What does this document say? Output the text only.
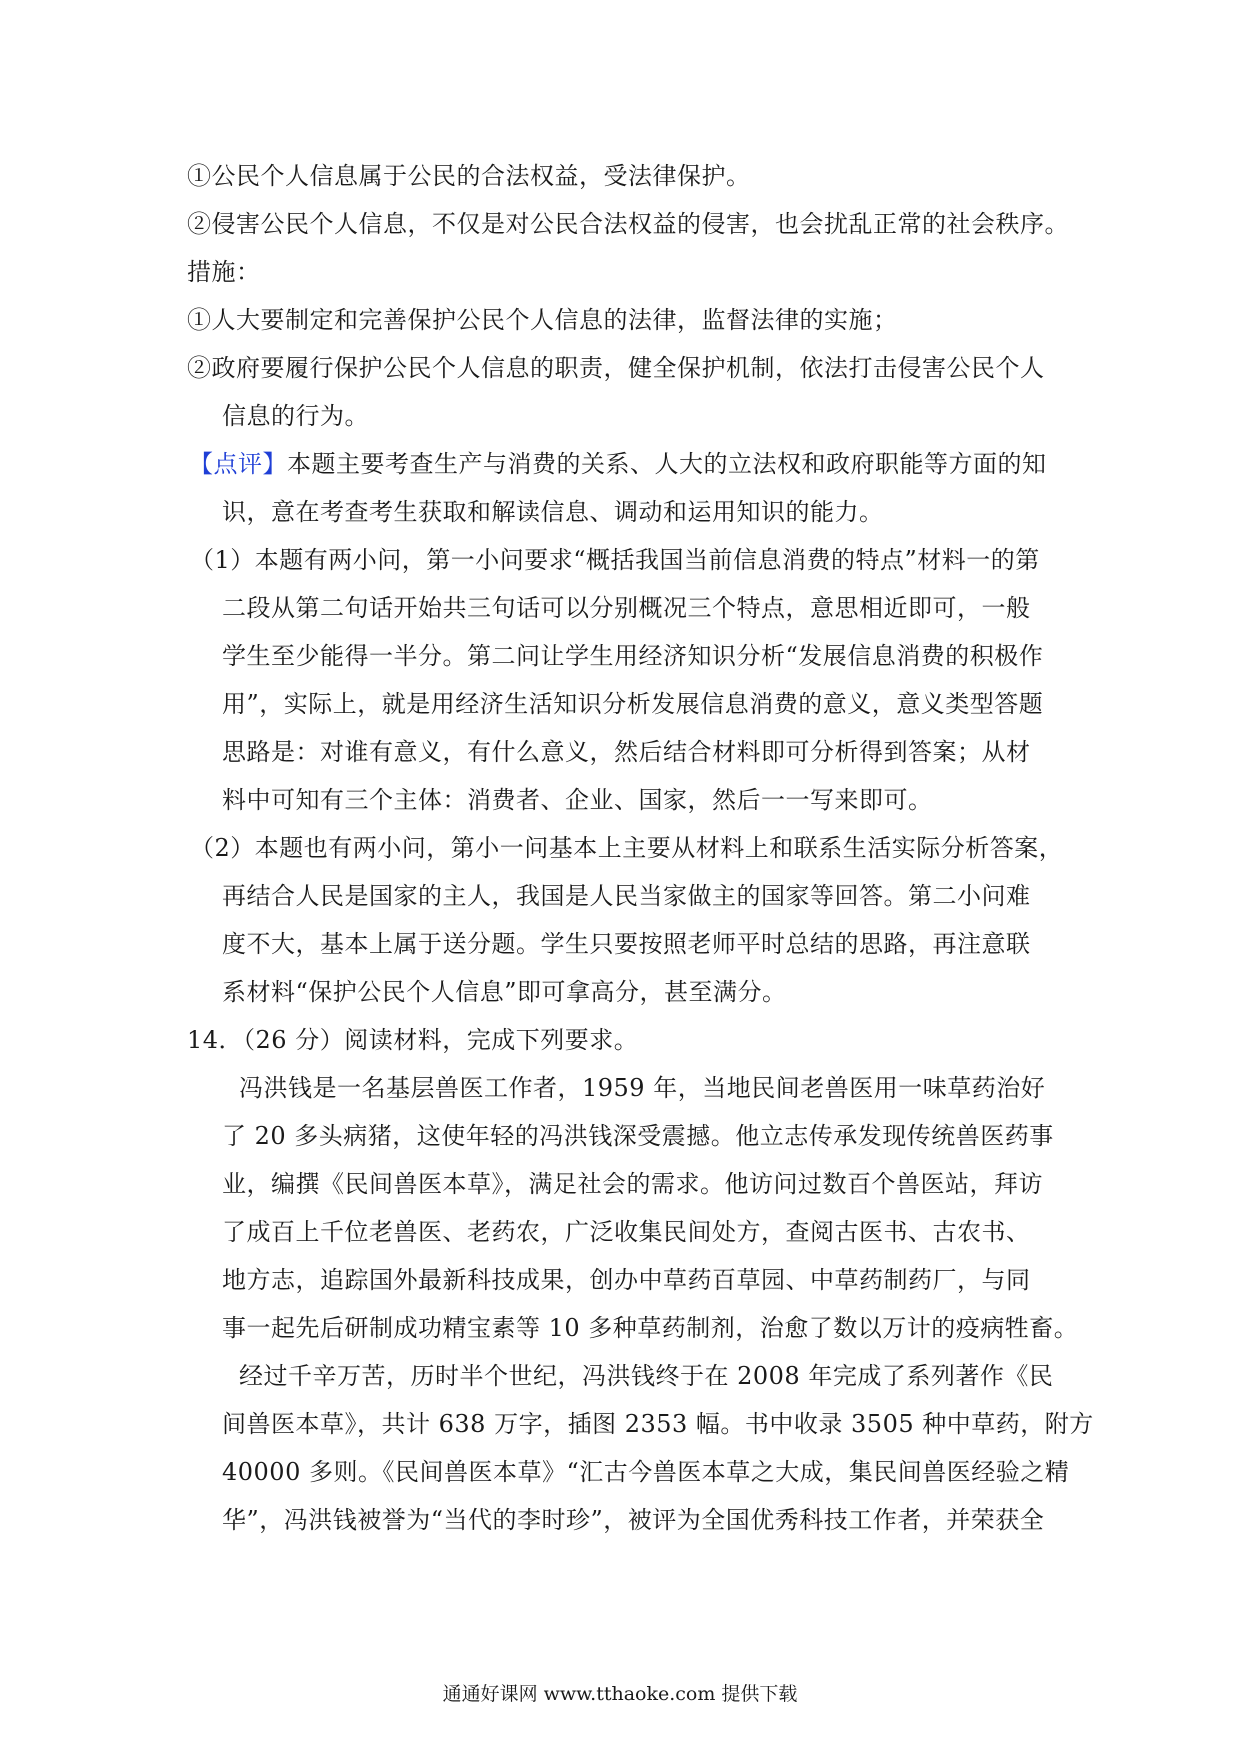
①公民个人信息属于公民的合法权益，受法律保护。
②侵害公民个人信息，不仅是对公民合法权益的侵害，也会扰乱正常的社会秩序。
措施：
①人大要制定和完善保护公民个人信息的法律，监督法律的实施；
②政府要履行保护公民个人信息的职责，健全保护机制，依法打击侵害公民个人
信息的行为。
【点评】本题主要考查生产与消费的关系、人大的立法权和政府职能等方面的知
识，意在考查考生获取和解读信息、调动和运用知识的能力。
（1）本题有两小问，第一小问要求“概括我国当前信息消费的特点”材料一的第
二段从第二句话开始共三句话可以分别概况三个特点，意思相近即可，一般
学生至少能得一半分。第二问让学生用经济知识分析“发展信息消费的积极作
用”，实际上，就是用经济生活知识分析发展信息消费的意义，意义类型答题
思路是：对谁有意义，有什么意义，然后结合材料即可分析得到答案；从材
料中可知有三个主体：消费者、企业、国家，然后一一写来即可。
（2）本题也有两小问，第小一问基本上主要从材料上和联系生活实际分析答案，
再结合人民是国家的主人，我国是人民当家做主的国家等回答。第二小问难
度不大，基本上属于送分题。学生只要按照老师平时总结的思路，再注意联
系材料“保护公民个人信息”即可拿高分，甚至满分。
14．（26 分）阅读材料，完成下列要求。
冯洪钱是一名基层兽医工作者，1959 年，当地民间老兽医用一味草药治好
了 20 多头病猪，这使年轻的冯洪钱深受震撼。他立志传承发现传统兽医药事
业，编撰《民间兽医本草》，满足社会的需求。他访问过数百个兽医站，拜访
了成百上千位老兽医、老药农，广泛收集民间处方，查阅古医书、古农书、
地方志，追踪国外最新科技成果，创办中草药百草园、中草药制药厂，与同
事一起先后研制成功精宝素等 10 多种草药制剂，治愈了数以万计的疫病牲畜。
经过千辛万苦，历时半个世纪，冯洪钱终于在 2008 年完成了系列著作《民
间兽医本草》，共计 638 万字，插图 2353 幅。书中收录 3505 种中草药，附方
40000 多则。《民间兽医本草》“汇古今兽医本草之大成，集民间兽医经验之精
华”，冯洪钱被誉为“当代的李时珍”，被评为全国优秀科技工作者，并荣获全
通通好课网 www.tthaoke.com 提供下载
